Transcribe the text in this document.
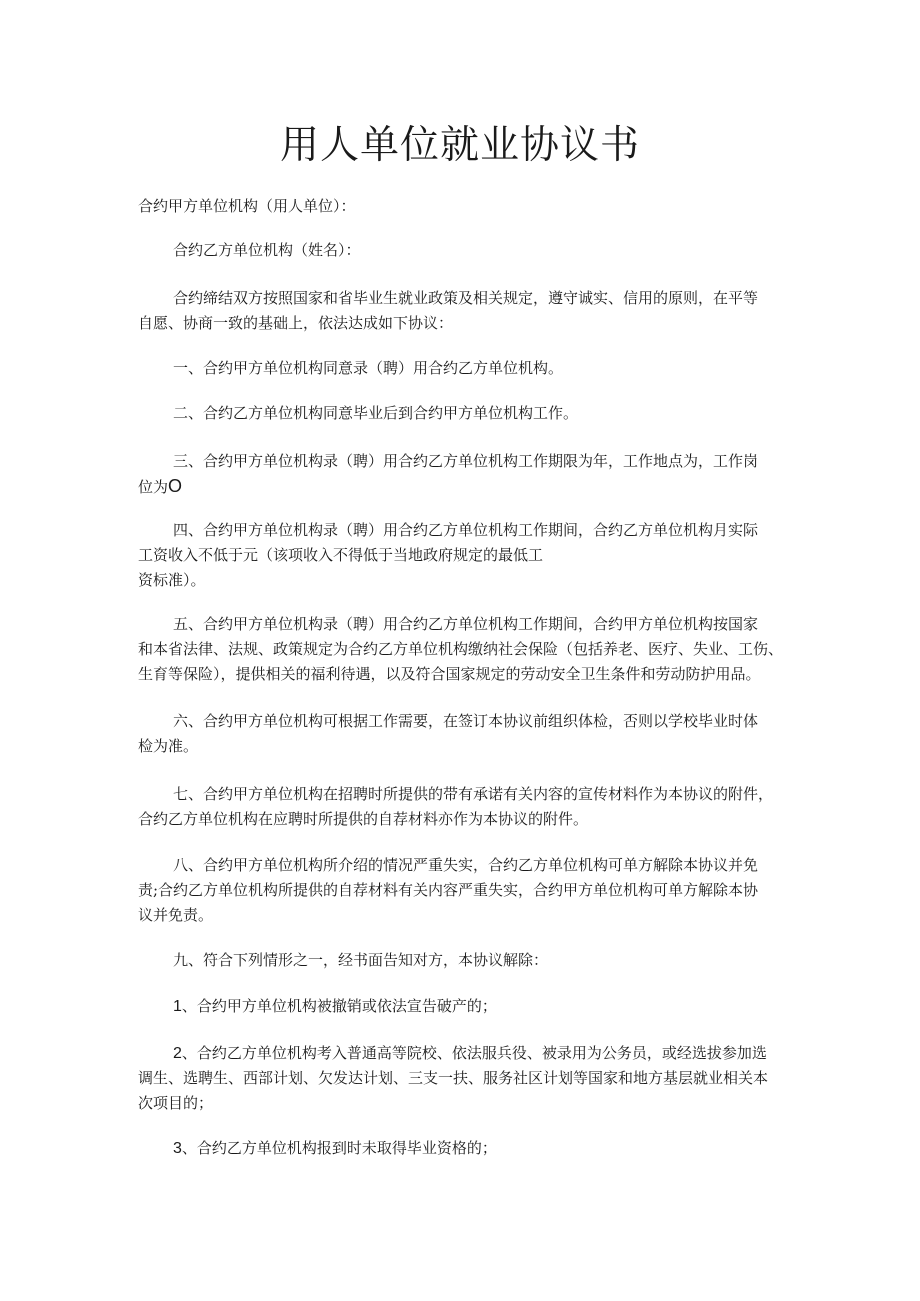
用人单位就业协议书

合约甲方单位机构（用人单位）：

合约乙方单位机构（姓名）：

合约缔结双方按照国家和省毕业生就业政策及相关规定，遵守诚实、信用的原则，在平等
自愿、协商一致的基础上，依法达成如下协议：

一、合约甲方单位机构同意录（聘）用合约乙方单位机构。

二、合约乙方单位机构同意毕业后到合约甲方单位机构工作。

三、合约甲方单位机构录（聘）用合约乙方单位机构工作期限为年，工作地点为，工作岗
位为O

四、合约甲方单位机构录（聘）用合约乙方单位机构工作期间，合约乙方单位机构月实际
工资收入不低于元（该项收入不得低于当地政府规定的最低工
资标准）。

五、合约甲方单位机构录（聘）用合约乙方单位机构工作期间，合约甲方单位机构按国家
和本省法律、法规、政策规定为合约乙方单位机构缴纳社会保险（包括养老、医疗、失业、工伤、
生育等保险），提供相关的福利待遇，以及符合国家规定的劳动安全卫生条件和劳动防护用品。

六、合约甲方单位机构可根据工作需要，在签订本协议前组织体检，否则以学校毕业时体
检为准。

七、合约甲方单位机构在招聘时所提供的带有承诺有关内容的宣传材料作为本协议的附件，
合约乙方单位机构在应聘时所提供的自荐材料亦作为本协议的附件。

八、合约甲方单位机构所介绍的情况严重失实，合约乙方单位机构可单方解除本协议并免
责;合约乙方单位机构所提供的自荐材料有关内容严重失实，合约甲方单位机构可单方解除本协
议并免责。

九、符合下列情形之一，经书面告知对方，本协议解除：

1、合约甲方单位机构被撤销或依法宣告破产的；

2、合约乙方单位机构考入普通高等院校、依法服兵役、被录用为公务员，或经选拔参加选
调生、选聘生、西部计划、欠发达计划、三支一扶、服务社区计划等国家和地方基层就业相关本
次项目的；

3、合约乙方单位机构报到时未取得毕业资格的；
